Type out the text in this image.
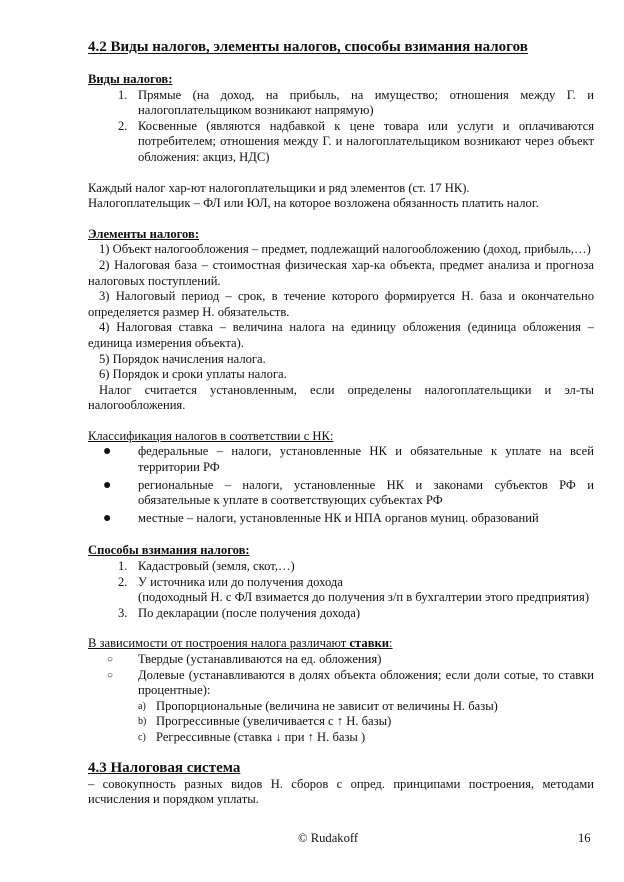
4.2 Виды налогов, элементы налогов, способы взимания налогов
Виды налогов:
1. Прямые (на доход, на прибыль, на имущество; отношения между Г. и налогоплательщиком возникают напрямую)
2. Косвенные (являются надбавкой к цене товара или услуги и оплачиваются потребителем; отношения между Г. и налогоплательщиком возникают через объект обложения: акциз, НДС)

Каждый налог хар-ют налогоплательщики и ряд элементов (ст. 17 НК).

Налогоплательщик – ФЛ или ЮЛ, на которое возложена обязанность платить налог.

Элементы налогов:

1) Объект налогообложения – предмет, подлежащий налогообложению (доход, прибыль,…)

2) Налоговая база – стоимостная физическая хар-ка объекта, предмет анализа и прогноза налоговых поступлений.

3) Налоговый период – срок, в течение которого формируется Н. база и окончательно определяется размер Н. обязательств.

4) Налоговая ставка – величина налога на единицу обложения (единица обложения – единица измерения объекта).

5) Порядок начисления налога.

6) Порядок и сроки уплаты налога.

Налог считается установленным, если определены налогоплательщики и эл-ты налогообложения.

Классификация налогов в соответствии с НК:
● федеральные – налоги, установленные НК и обязательные к уплате на всей территории РФ
● региональные – налоги, установленные НК и законами субъектов РФ и обязательные к уплате в соответствующих субъектах РФ
● местные – налоги, установленные НК и НПА органов муниц. образований
Способы взимания налогов:
1. Кадастровый (земля, скот,…)
2. У источника или до получения дохода
(подоходный Н. с ФЛ взимается до получения з/п в бухгалтерии этого предприятия)
3. По декларации (после получения дохода)
В зависимости от построения налога различают ставки:
○ Твердые (устанавливаются на ед. обложения)
○ Долевые (устанавливаются в долях объекта обложения; если доли сотые, то ставки процентные):
a) Пропорциональные (величина не зависит от величины Н. базы)
b) Прогрессивные (увеличивается с ↑ Н. базы)
c) Регрессивные (ставка ↓ при ↑ Н. базы )
4.3 Налоговая система

– совокупность разных видов Н. сборов с опред. принципами построения, методами исчисления и порядком уплаты.

© Rudakoff	16
